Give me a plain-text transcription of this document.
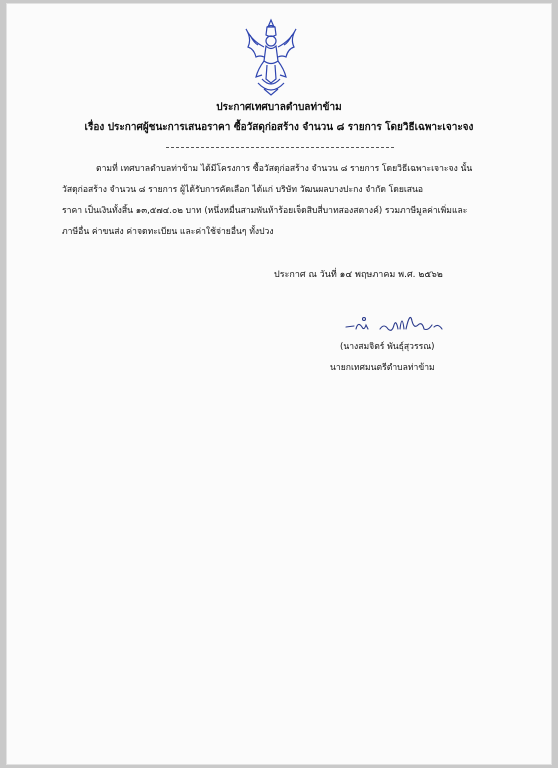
ประกาศเทศบาลตำบลท่าข้าม
เรื่อง ประกาศผู้ชนะการเสนอราคา ซื้อวัสดุก่อสร้าง จำนวน ๘ รายการ โดยวิธีเฉพาะเจาะจง
ตามที่ เทศบาลตำบลท่าข้าม ได้มีโครงการ ซื้อวัสดุก่อสร้าง จำนวน ๘ รายการ โดยวิธีเฉพาะเจาะจง นั้น
วัสดุก่อสร้าง จำนวน ๘ รายการ ผู้ได้รับการคัดเลือก ได้แก่ บริษัท วัฒนผลบางปะกง จำกัด โดยเสนอ
ราคา เป็นเงินทั้งสิ้น ๑๓,๕๗๔.๐๒ บาท (หนึ่งหมื่นสามพันห้าร้อยเจ็ดสิบสี่บาทสองสตางค์) รวมภาษีมูลค่าเพิ่มและ
ภาษีอื่น ค่าขนส่ง ค่าจดทะเบียน และค่าใช้จ่ายอื่นๆ ทั้งปวง
ประกาศ ณ วันที่ ๑๔ พฤษภาคม พ.ศ. ๒๕๖๒
(นางสมจิตร์ พันธุ์สุวรรณ)
นายกเทศมนตรีตำบลท่าข้าม
